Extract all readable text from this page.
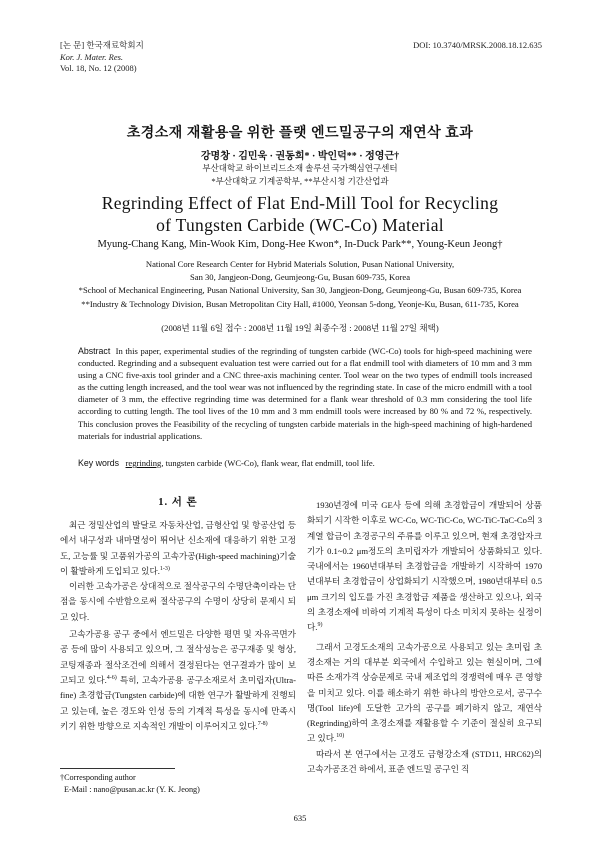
[논 문] 한국재료학회지
Kor. J. Mater. Res.
Vol. 18, No. 12 (2008)
DOI: 10.3740/MRSK.2008.18.12.635
초경소재 재활용을 위한 플랫 엔드밀공구의 재연삭 효과
강명창 · 김민욱 · 권동희* · 박인덕** · 정영근†
부산대학교 하이브리드소재 솔루션 국가핵심연구센터
*부산대학교 기계공학부, **부산시청 기간산업과
Regrinding Effect of Flat End-Mill Tool for Recycling
of Tungsten Carbide (WC-Co) Material
Myung-Chang Kang, Min-Wook Kim, Dong-Hee Kwon*, In-Duck Park**, Young-Keun Jeong†
National Core Research Center for Hybrid Materials Solution, Pusan National University,
San 30, Jangjeon-Dong, Geumjeong-Gu, Busan 609-735, Korea
*School of Mechanical Engineering, Pusan National University, San 30, Jangjeon-Dong, Geumjeong-Gu, Busan 609-735, Korea
**Industry & Technology Division, Busan Metropolitan City Hall, #1000, Yeonsan 5-dong, Yeonje-Ku, Busan, 611-735, Korea
(2008년 11월 6일 접수 : 2008년 11월 19일 최종수정 : 2008년 11월 27일 채택)
Abstract In this paper, experimental studies of the regrinding of tungsten carbide (WC-Co) tools for high-speed machining were conducted. Regrinding and a subsequent evaluation test were carried out for a flat endmill tool with diameters of 10 mm and 3 mm using a CNC five-axis tool grinder and a CNC three-axis machining center. Tool wear on the two types of endmill tools increased as the cutting length increased, and the tool wear was not influenced by the regrinding state. In case of the micro endmill with a tool diameter of 3 mm, the effective regrinding time was determined for a flank wear threshold of 0.3 mm considering the tool life according to cutting length. The tool lives of the 10 mm and 3 mm endmill tools were increased by 80 % and 72 %, respectively. This conclusion proves the Feasibility of the recycling of tungsten carbide materials in the high-speed machining of high-hardened materials for industrial applications.
Key words regrinding, tungsten carbide (WC-Co), flank wear, flat endmill, tool life.
1. 서 론

최근 정밀산업의 발달로 자동차산업, 금형산업 및 항공산업 등에서 내구성과 내마멸성이 뛰어난 신소재에 대응하기 위한 고정도, 고능률 및 고품위가공의 고속가공(High-speed machining)기술이 활발하게 도입되고 있다.$^{1-3)}$

이러한 고속가공은 상대적으로 절삭공구의 수명단축이라는 단점을 동시에 수반함으로써 절삭공구의 수명이 상당히 문제시 되고 있다.

고속가공용 공구 중에서 엔드밀은 다양한 평면 및 자유곡면가공 등에 많이 사용되고 있으며, 그 절삭성능은 공구재종 및 형상, 코팅재종과 절삭조건에 의해서 결정된다는 연구결과가 많이 보고되고 있다.$^{4-6)}$ 특히, 고속가공용 공구소재로서 초미립자(Ultra-fine) 초경합금(Tungsten carbide)에 대한 연구가 활발하게 진행되고 있는데, 높은 경도와 인성 등의 기계적 특성을 동시에 만족시키기 위한 방향으로 지속적인 개발이 이루어지고 있다.$^{7-8)}$

1930년경에 미국 GE사 등에 의해 초경합금이 개발되어 상품화되기 시작한 이후로 WC-Co, WC-TiC-Co, WC-TiC-TaC-Co의 3계열 합금이 초경공구의 주류를 이루고 있으며, 현재 초경압자크기가 0.1~0.2 μm정도의 초미립자가 개발되어 상품화되고 있다. 국내에서는 1960년대부터 초경합금을 개발하기 시작하여 1970년대부터 초경합금이 상업화되기 시작했으며, 1980년대부터 0.5 μm 크기의 입도를 가진 초경합금 제품을 생산하고 있으나, 외국의 초경소재에 비하여 기계적 특성이 다소 미치지 못하는 실정이다.$^{9)}$

그래서 고경도소재의 고속가공으로 사용되고 있는 초미립 초경소재는 거의 대부분 외국에서 수입하고 있는 현실이며, 그에 따른 소재가격 상승문제로 국내 제조업의 경쟁력에 매우 큰 영향을 미치고 있다. 이를 해소하기 위한 하나의 방안으로서, 공구수명(Tool life)에 도달한 고가의 공구를 폐기하지 않고, 재연삭(Regrinding)하여 초경소재를 재활용할 수 기준이 절실히 요구되고 있다.$^{10)}$

따라서 본 연구에서는 고경도 금형강소재 (STD11, HRC62)의 고속가공조건 하에서, 표준 엔드밀 공구인 직

†Corresponding author
E-Mail : nano@pusan.ac.kr (Y. K. Jeong)
635
